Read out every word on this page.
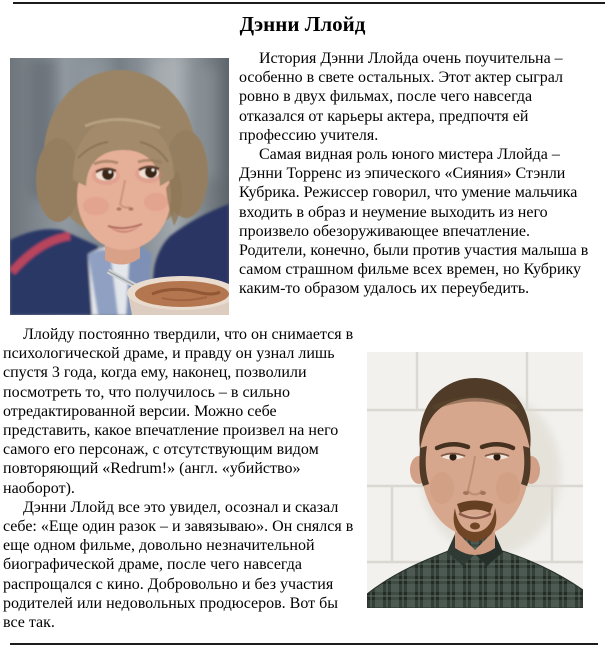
Дэнни Ллойд

История Дэнни Ллойда очень поучительна – особенно в свете остальных. Этот актер сыграл ровно в двух фильмах, после чего навсегда отказался от карьеры актера, предпочтя ей профессию учителя.

Самая видная роль юного мистера Ллойда – Дэнни Торренс из эпического «Сияния» Стэнли Кубрика. Режиссер говорил, что умение мальчика входить в образ и неумение выходить из него произвело обезоруживающее впечатление. Родители, конечно, были против участия малыша в самом страшном фильме всех времен, но Кубрику каким-то образом удалось их переубедить.

Ллойду постоянно твердили, что он снимается в психологической драме, и правду он узнал лишь спустя 3 года, когда ему, наконец, позволили посмотреть то, что получилось – в сильно отредактированной версии. Можно себе представить, какое впечатление произвел на него самого его персонаж, с отсутствующим видом повторяющий «Redrum!» (англ. «убийство» наоборот).

Дэнни Ллойд все это увидел, осознал и сказал себе: «Еще один разок – и завязываю». Он снялся в еще одном фильме, довольно незначительной биографической драме, после чего навсегда распрощался с кино. Добровольно и без участия родителей или недовольных продюсеров. Вот бы все так.
